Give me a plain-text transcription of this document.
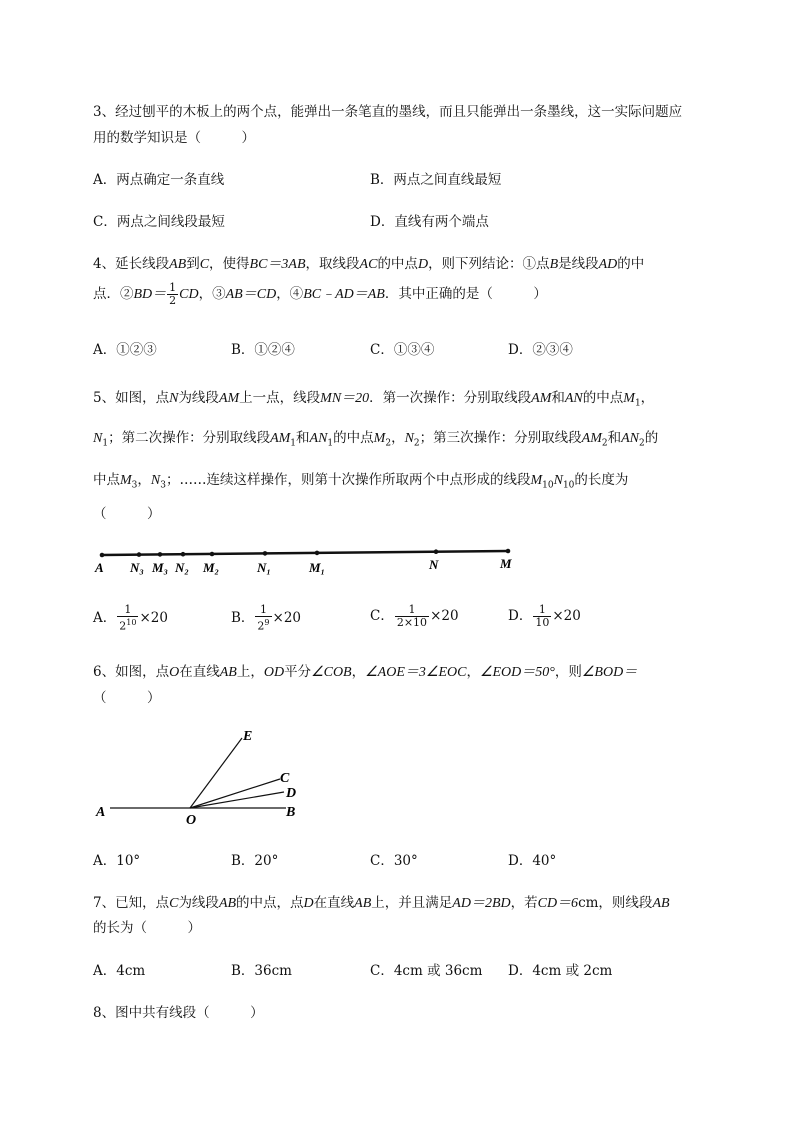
3、经过刨平的木板上的两个点，能弹出一条笔直的墨线，而且只能弹出一条墨线，这一实际问题应
用的数学知识是（　　　）
A．两点确定一条直线	B．两点之间直线最短
C．两点之间线段最短	D．直线有两个端点
4、延长线段AB到C，使得BC＝3AB，取线段AC的中点D，则下列结论：①点B是线段AD的中
点．②BD＝ $\frac{1}{2}$ CD，③AB＝CD，④BC﹣AD＝AB．其中正确的是（　　　）
A．①②③	B．①②④	C．①③④	D．②③④
5、如图，点N为线段AM上一点，线段MN＝20．第一次操作：分别取线段AM和AN的中点$M_1$，
$N_1$；第二次操作：分别取线段$AM_1$和$AN_1$的中点$M_2$，$N_2$；第三次操作：分别取线段$AM_2$和$AN_2$的
中点$M_3$，$N_3$；……连续这样操作，则第十次操作所取两个中点形成的线段$M_{10}N_{10}$的长度为
（　　　）
A N₃ M₃ N₂ M₂	N₁	M₁	N	M
A． $\frac{1}{2^{10}} \times 20$	B． $\frac{1}{2^9} \times 20$	C． $\frac{1}{2\times 10} \times 20$	D． $\frac{1}{10} \times 20$
6、如图，点O在直线AB上，OD平分∠COB，∠AOE＝3∠EOC，∠EOD＝50°，则∠BOD＝
（　　　）
A
O
B
E
C
D
A．10°	B．20°	C．30°	D．40°
7、已知，点C为线段AB的中点，点D在直线AB上，并且满足AD＝2BD，若CD＝6cm，则线段AB
的长为（　　　）
A．4cm	B．36cm	C．4cm 或 36cm D．4cm 或 2cm
8、图中共有线段（　　　）
